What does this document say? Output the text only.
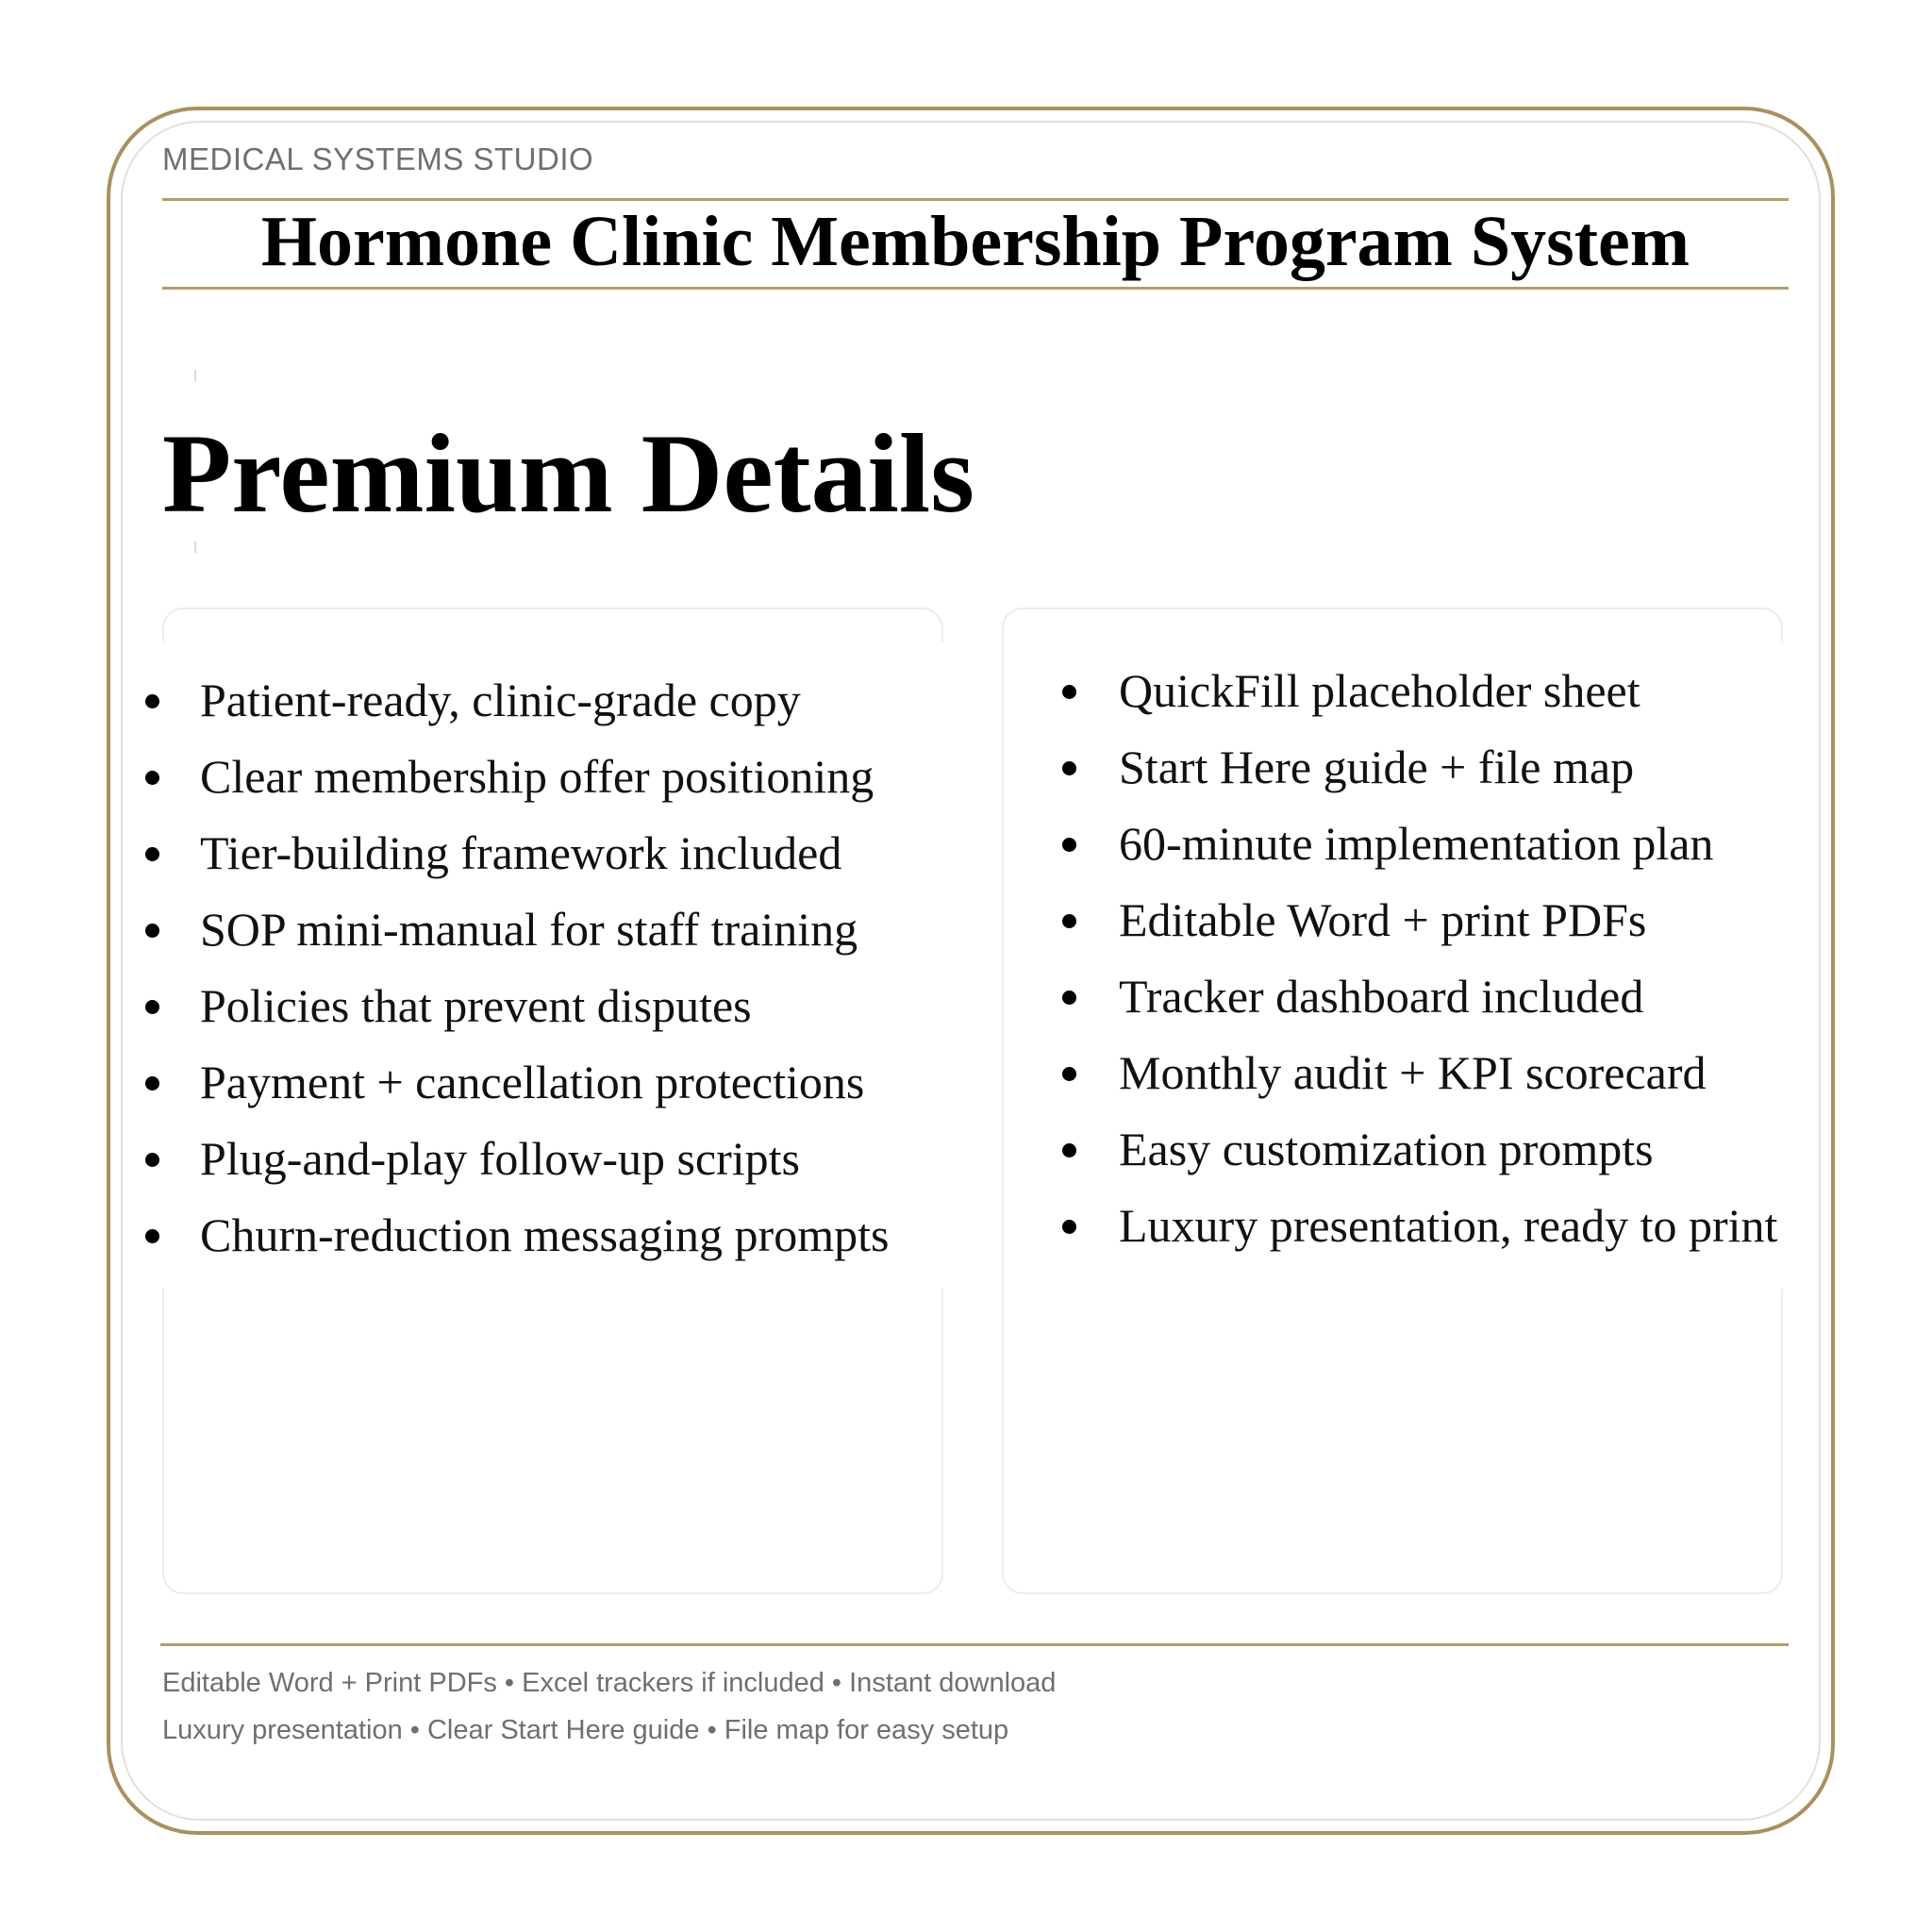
MEDICAL SYSTEMS STUDIO
Hormone Clinic Membership Program System
Premium Details
Patient-ready, clinic-grade copy
Clear membership offer positioning
Tier-building framework included
SOP mini-manual for staff training
Policies that prevent disputes
Payment + cancellation protections
Plug-and-play follow-up scripts
Churn-reduction messaging prompts
QuickFill placeholder sheet
Start Here guide + file map
60-minute implementation plan
Editable Word + print PDFs
Tracker dashboard included
Monthly audit + KPI scorecard
Easy customization prompts
Luxury presentation, ready to print
Editable Word + Print PDFs • Excel trackers if included • Instant download
Luxury presentation • Clear Start Here guide • File map for easy setup
